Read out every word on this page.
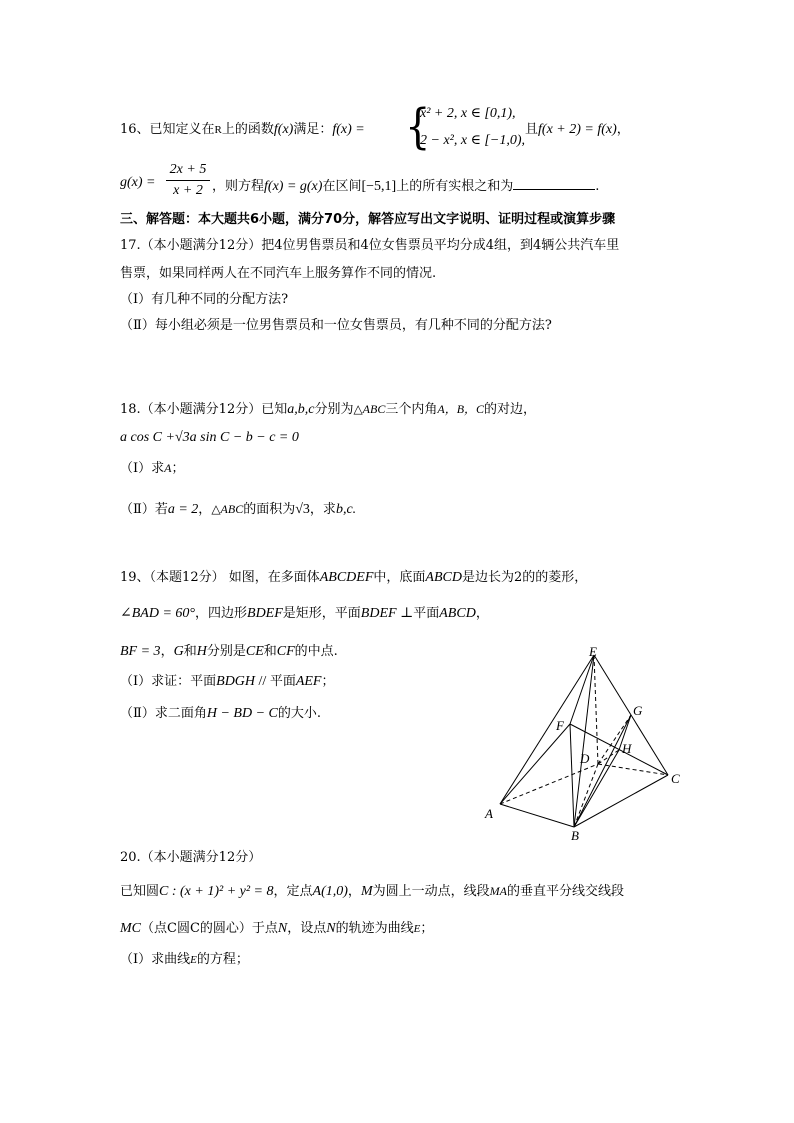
16、已知定义在R上的函数f(x)满足：f(x) = {
x² + 2, x ∈ [0,1),
2 − x², x ∈ [−1,0),
且f(x + 2) = f(x)，
g(x) =
2x + 5
x + 2 ，则方程f(x) = g(x)在区间[−5,1]上的所有实根之和为	.
三、解答题：本大题共6小题，满分70分，解答应写出文字说明、证明过程或演算步骤
17.（本小题满分12分）把4位男售票员和4位女售票员平均分成4组，到4辆公共汽车里
售票，如果同样两人在不同汽车上服务算作不同的情况.
（Ⅰ）有几种不同的分配方法?
（Ⅱ）每小组必须是一位男售票员和一位女售票员，有几种不同的分配方法?
18.（本小题满分12分）已知a,b,c分别为△ABC三个内角A，B，C的对边，
a cos C +√3a sin C − b − c = 0
（Ⅰ）求A；
（Ⅱ）若a = 2，△ABC的面积为√3，求b,c.
19、（本题12分） 如图，在多面体ABCDEF中，底面ABCD是边长为2的的菱形，
∠BAD = 60°，四边形BDEF是矩形，平面BDEF ⊥平面ABCD，
BF = 3，G和H分别是CE和CF的中点.
（Ⅰ）求证：平面BDGH // 平面AEF；
（Ⅱ）求二面角H − BD − C的大小.
E
F
G
H
D
C
A
B
20.（本小题满分12分）
已知圆C : (x + 1)² + y² = 8，定点A(1,0)，M为圆上一动点，线段MA的垂直平分线交线段
MC（点C圆C的圆心）于点N，设点N的轨迹为曲线E；
（Ⅰ）求曲线E的方程；
